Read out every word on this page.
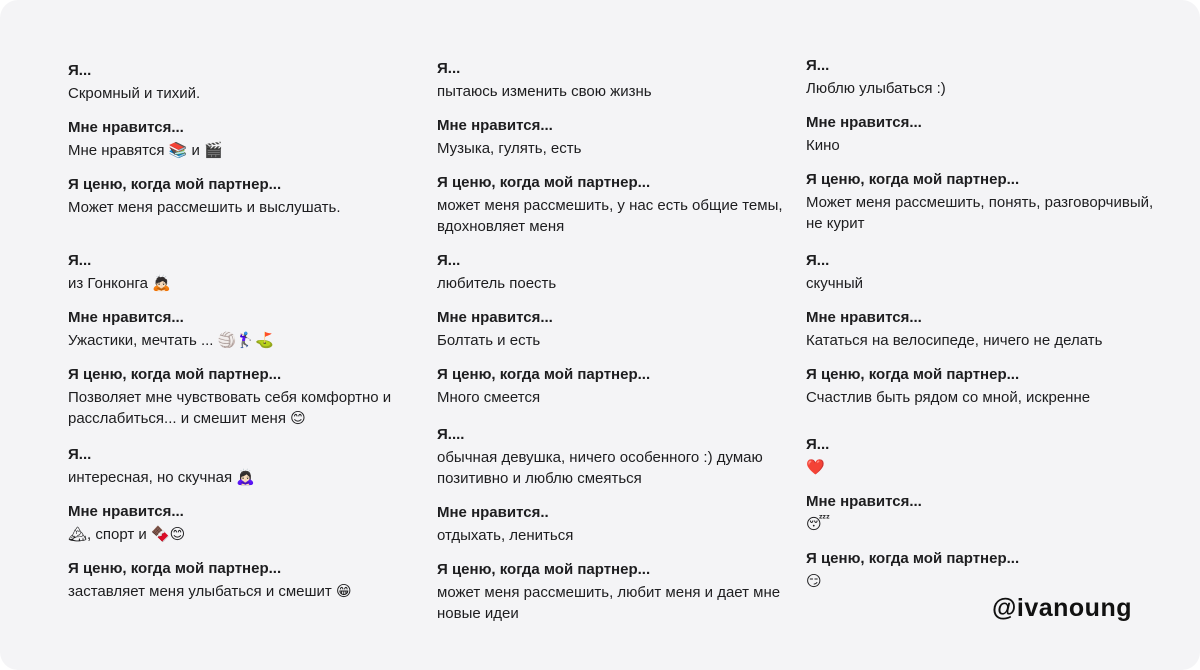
Я...
Скромный и тихий.
Мне нравится...
Мне нравятся 📚 и 🎬
Я ценю, когда мой партнер...
Может меня рассмешить и выслушать.
Я...
пытаюсь изменить свою жизнь
Мне нравится...
Музыка, гулять, есть
Я ценю, когда мой партнер...
может меня рассмешить, у нас есть общие темы, вдохновляет меня
Я...
Люблю улыбаться :)
Мне нравится...
Кино
Я ценю, когда мой партнер...
Может меня рассмешить, понять, разговорчивый, не курит
Я...
из Гонконга 🙇🏻
Мне нравится...
Ужастики, мечтать ... 🏐🏌🏻‍♀️⛳
Я ценю, когда мой партнер...
Позволяет мне чувствовать себя комфортно и расслабиться... и смешит меня 😊
Я...
любитель поесть
Мне нравится...
Болтать и есть
Я ценю, когда мой партнер...
Много смеется
Я...
скучный
Мне нравится...
Кататься на велосипеде, ничего не делать
Я ценю, когда мой партнер...
Счастлив быть рядом со мной, искренне
Я...
интересная, но скучная 🙇🏻‍♀️
Мне нравится...
🏔, спорт и 🍫😊
Я ценю, когда мой партнер...
заставляет меня улыбаться и смешит 😁
Я....
обычная девушка, ничего особенного :) думаю позитивно и люблю смеяться
Мне нравится..
отдыхать, лениться
Я ценю, когда мой партнер...
может меня рассмешить, любит меня и дает мне новые идеи
Я...
❤️
Мне нравится...
😴
Я ценю, когда мой партнер...
😏
@ivanoung
